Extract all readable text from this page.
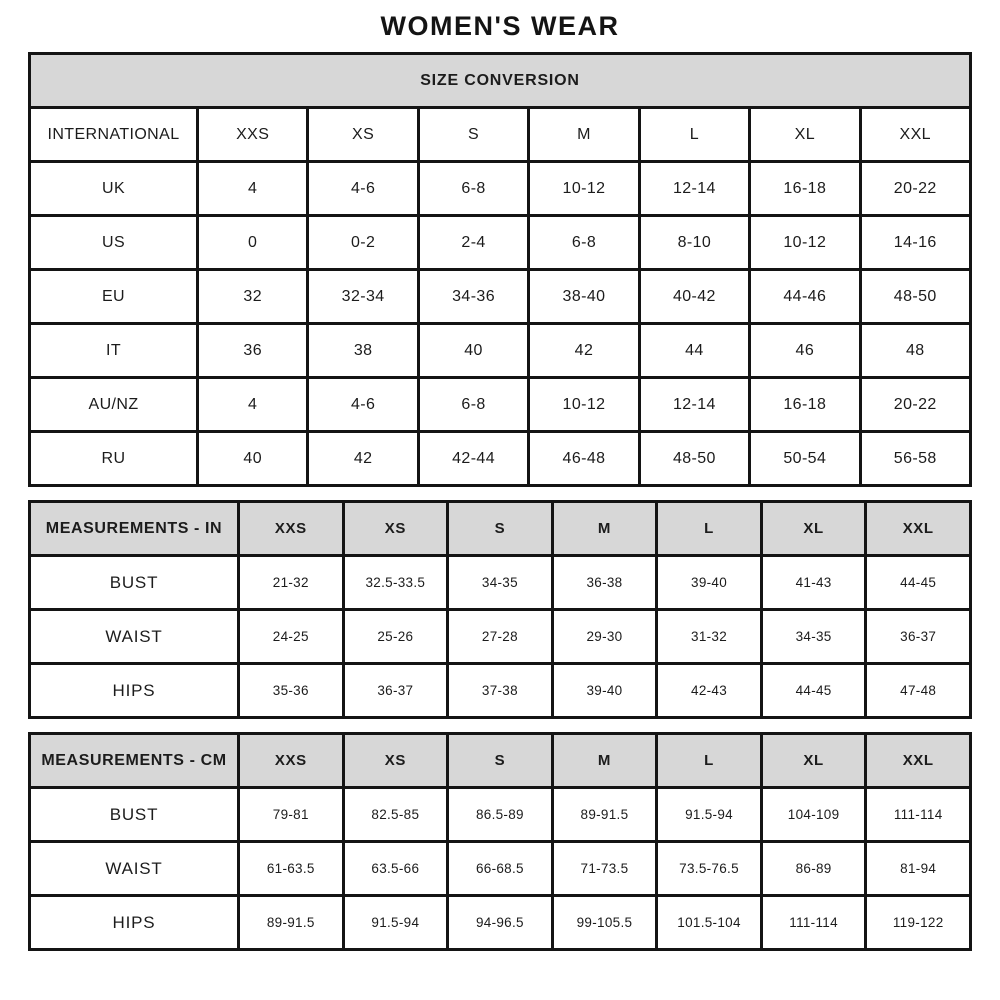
WOMEN'S WEAR
SIZE CONVERSION							
INTERNATIONAL	XXS	XS	S	M	L	XL	XXL
UK	4	4-6	6-8	10-12	12-14	16-18	20-22
US	0	0-2	2-4	6-8	8-10	10-12	14-16
EU	32	32-34	34-36	38-40	40-42	44-46	48-50
IT	36	38	40	42	44	46	48
AU/NZ	4	4-6	6-8	10-12	12-14	16-18	20-22
RU	40	42	42-44	46-48	48-50	50-54	56-58
MEASUREMENTS - IN	XXS	XS	S	M	L	XL	XXL
BUST	21-32	32.5-33.5	34-35	36-38	39-40	41-43	44-45
WAIST	24-25	25-26	27-28	29-30	31-32	34-35	36-37
HIPS	35-36	36-37	37-38	39-40	42-43	44-45	47-48
MEASUREMENTS - CM	XXS	XS	S	M	L	XL	XXL
BUST	79-81	82.5-85	86.5-89	89-91.5	91.5-94	104-109	111-114
WAIST	61-63.5	63.5-66	66-68.5	71-73.5	73.5-76.5	86-89	81-94
HIPS	89-91.5	91.5-94	94-96.5	99-105.5	101.5-104	111-114	119-122
